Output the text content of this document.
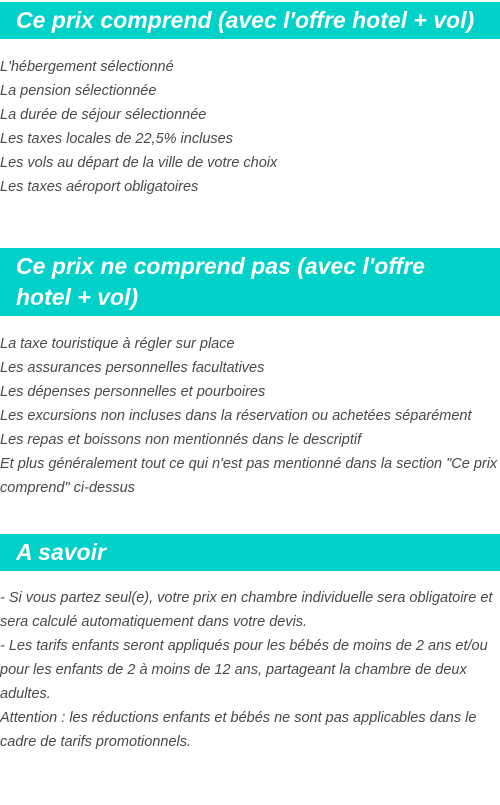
Ce prix comprend (avec l'offre hotel + vol)
L'hébergement sélectionné
La pension sélectionnée
La durée de séjour sélectionnée
Les taxes locales de 22,5% incluses
Les vols au départ de la ville de votre choix
Les taxes aéroport obligatoires
Ce prix ne comprend pas (avec l'offre hotel + vol)
La taxe touristique à régler sur place
Les assurances personnelles facultatives
Les dépenses personnelles et pourboires
Les excursions non incluses dans la réservation ou achetées séparément
Les repas et boissons non mentionnés dans le descriptif
Et plus généralement tout ce qui n'est pas mentionné dans la section "Ce prix comprend" ci-dessus
A savoir
- Si vous partez seul(e), votre prix en chambre individuelle sera obligatoire et sera calculé automatiquement dans votre devis.
- Les tarifs enfants seront appliqués pour les bébés de moins de 2 ans et/ou pour les enfants de 2 à moins de 12 ans, partageant la chambre de deux adultes.
Attention : les réductions enfants et bébés ne sont pas applicables dans le cadre de tarifs promotionnels.
